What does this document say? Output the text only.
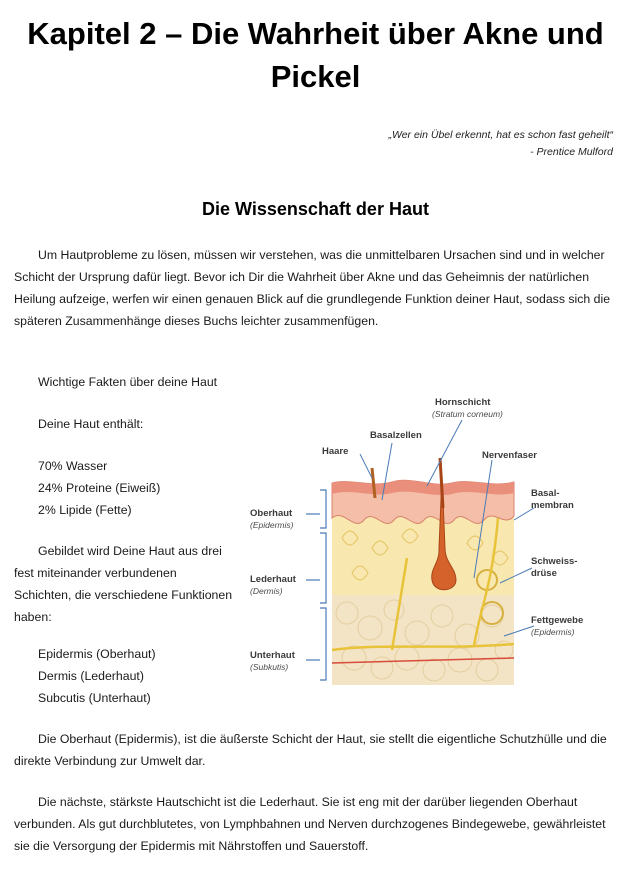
Kapitel 2 – Die Wahrheit über Akne und Pickel
„Wer ein Übel erkennt, hat es schon fast geheilt“
- Prentice Mulford
Die Wissenschaft der Haut

Um Hautprobleme zu lösen, müssen wir verstehen, was die unmittelbaren Ursachen sind und in welcher Schicht der Ursprung dafür liegt. Bevor ich Dir die Wahrheit über Akne und das Geheimnis der natürlichen Heilung aufzeige, werfen wir einen genauen Blick auf die grundlegende Funktion deiner Haut, sodass sich die späteren Zusammenhänge dieses Buchs leichter zusammenfügen.

Wichtige Fakten über deine Haut

Deine Haut enthält:

70% Wasser
24% Proteine (Eiweiß)
2% Lipide (Fette)

Gebildet wird Deine Haut aus drei fest miteinander verbundenen Schichten, die verschiedene Funktionen haben:

Epidermis (Oberhaut)
Dermis (Lederhaut)
Subcutis (Unterhaut)
Hornschicht
(Stratum corneum)
Basalzellen
Haare	Nervenfaser
Basal-
membran
Oberhaut
(Epidermis)
Schweiss-
drüse
Lederhaut
(Dermis)
Fettgewebe
(Epidermis)
Unterhaut
(Subkutis)

Die Oberhaut (Epidermis), ist die äußerste Schicht der Haut, sie stellt die eigentliche Schutzhülle und die direkte Verbindung zur Umwelt dar.

Die nächste, stärkste Hautschicht ist die Lederhaut. Sie ist eng mit der darüber liegenden Oberhaut verbunden. Als gut durchblutetes, von Lymphbahnen und Nerven durchzogenes Bindegewebe, gewährleistet sie die Versorgung der Epidermis mit Nährstoffen und Sauerstoff.
